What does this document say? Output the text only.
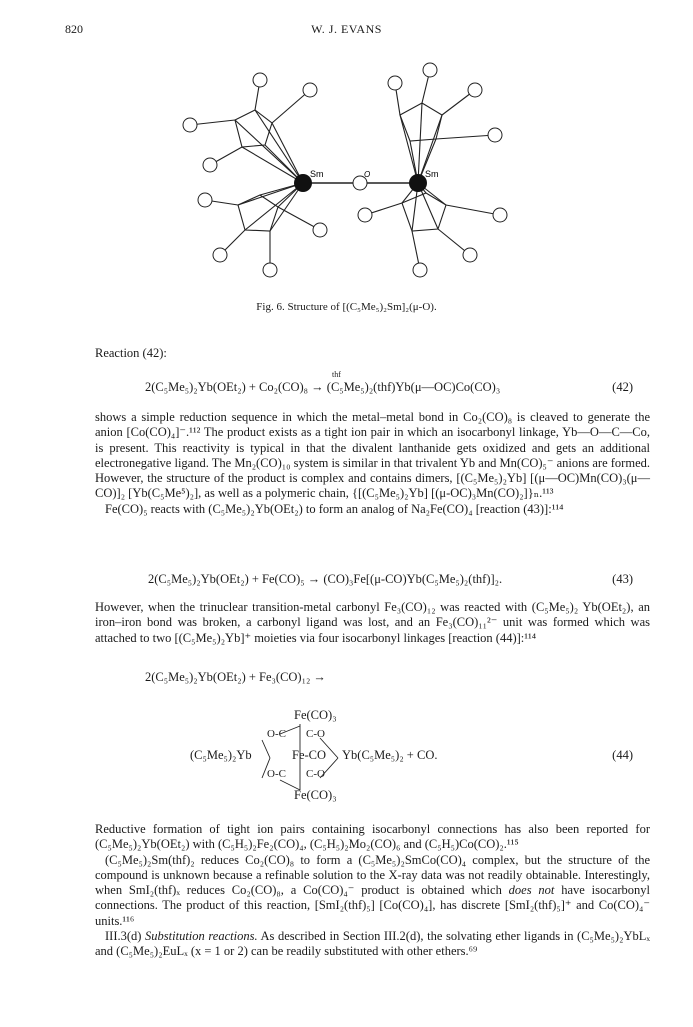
820	W. J. EVANS
Sm	Sm
O
Fig. 6. Structure of [(C₅Me₅)₂Sm]₂(μ-O).
Reaction (42):
thf
2(C₅Me₅)₂Yb(OEt₂) + Co₂(CO)₈ → (C₅Me₅)₂(thf)Yb(μ—OC)Co(CO)₃	(42)

shows a simple reduction sequence in which the metal–metal bond in Co₂(CO)₈ is cleaved to generate the anion [Co(CO)₄]⁻.¹¹² The product exists as a tight ion pair in which an isocarbonyl linkage, Yb—O—C—Co, is present. This reactivity is typical in that the divalent lanthanide gets oxidized and gets an additional electronegative ligand. The Mn₂(CO)₁₀ system is similar in that trivalent Yb and Mn(CO)₅⁻ anions are formed. However, the structure of the product is complex and contains dimers, [(C₅Me₅)₂Yb] [(μ—OC)Mn(CO)₃(μ—CO)]₂ [Yb(C₅Me⁵)₂], as well as a polymeric chain, {[(C₅Me₅)₂Yb] [(μ-OC)₃Mn(CO)₂]}ₙ.¹¹³

Fe(CO)₅ reacts with (C₅Me₅)₂Yb(OEt₂) to form an analog of Na₂Fe(CO)₄ [reaction (43)]:¹¹⁴

2(C₅Me₅)₂Yb(OEt₂) + Fe(CO)₅ → (CO)₃Fe[(μ-CO)Yb(C₅Me₅)₂(thf)]₂.	(43)

However, when the trinuclear transition-metal carbonyl Fe₃(CO)₁₂ was reacted with (C₅Me₅)₂ Yb(OEt₂), an iron–iron bond was broken, a carbonyl ligand was lost, and an Fe₃(CO)₁₁²⁻ unit was formed which was attached to two [(C₅Me₅)₂Yb]⁺ moieties via four isocarbonyl linkages [reaction (44)]:¹¹⁴

2(C₅Me₅)₂Yb(OEt₂) + Fe₃(CO)₁₂ →
Fe(CO)₃
O-C C-O
(C₅Me₅)₂Yb	Fe-CO Yb(C₅Me₅)₂ + CO.	(44)
O-C C-O
Fe(CO)₃

Reductive formation of tight ion pairs containing isocarbonyl connections has also been reported for (C₅Me₅)₂Yb(OEt₂) with (C₅H₅)₂Fe₂(CO)₄, (C₅H₅)₂Mo₂(CO)₆ and (C₅H₅)Co(CO)₂.¹¹⁵

(C₅Me₅)₂Sm(thf)₂ reduces Co₂(CO)₈ to form a (C₅Me₅)₂SmCo(CO)₄ complex, but the structure of the compound is unknown because a refinable solution to the X-ray data was not readily obtainable. Interestingly, when SmI₂(thf)ₓ reduces Co₂(CO)₈, a Co(CO)₄⁻ product is obtained which does not have isocarbonyl connections. The product of this reaction, [SmI₂(thf)₅] [Co(CO)₄], has discrete [SmI₂(thf)₅]⁺ and Co(CO)₄⁻ units.¹¹⁶

III.3(d) Substitution reactions. As described in Section III.2(d), the solvating ether ligands in (C₅Me₅)₂YbLₓ and (C₅Me₅)₂EuLₓ (x = 1 or 2) can be readily substituted with other ethers.⁶⁹
